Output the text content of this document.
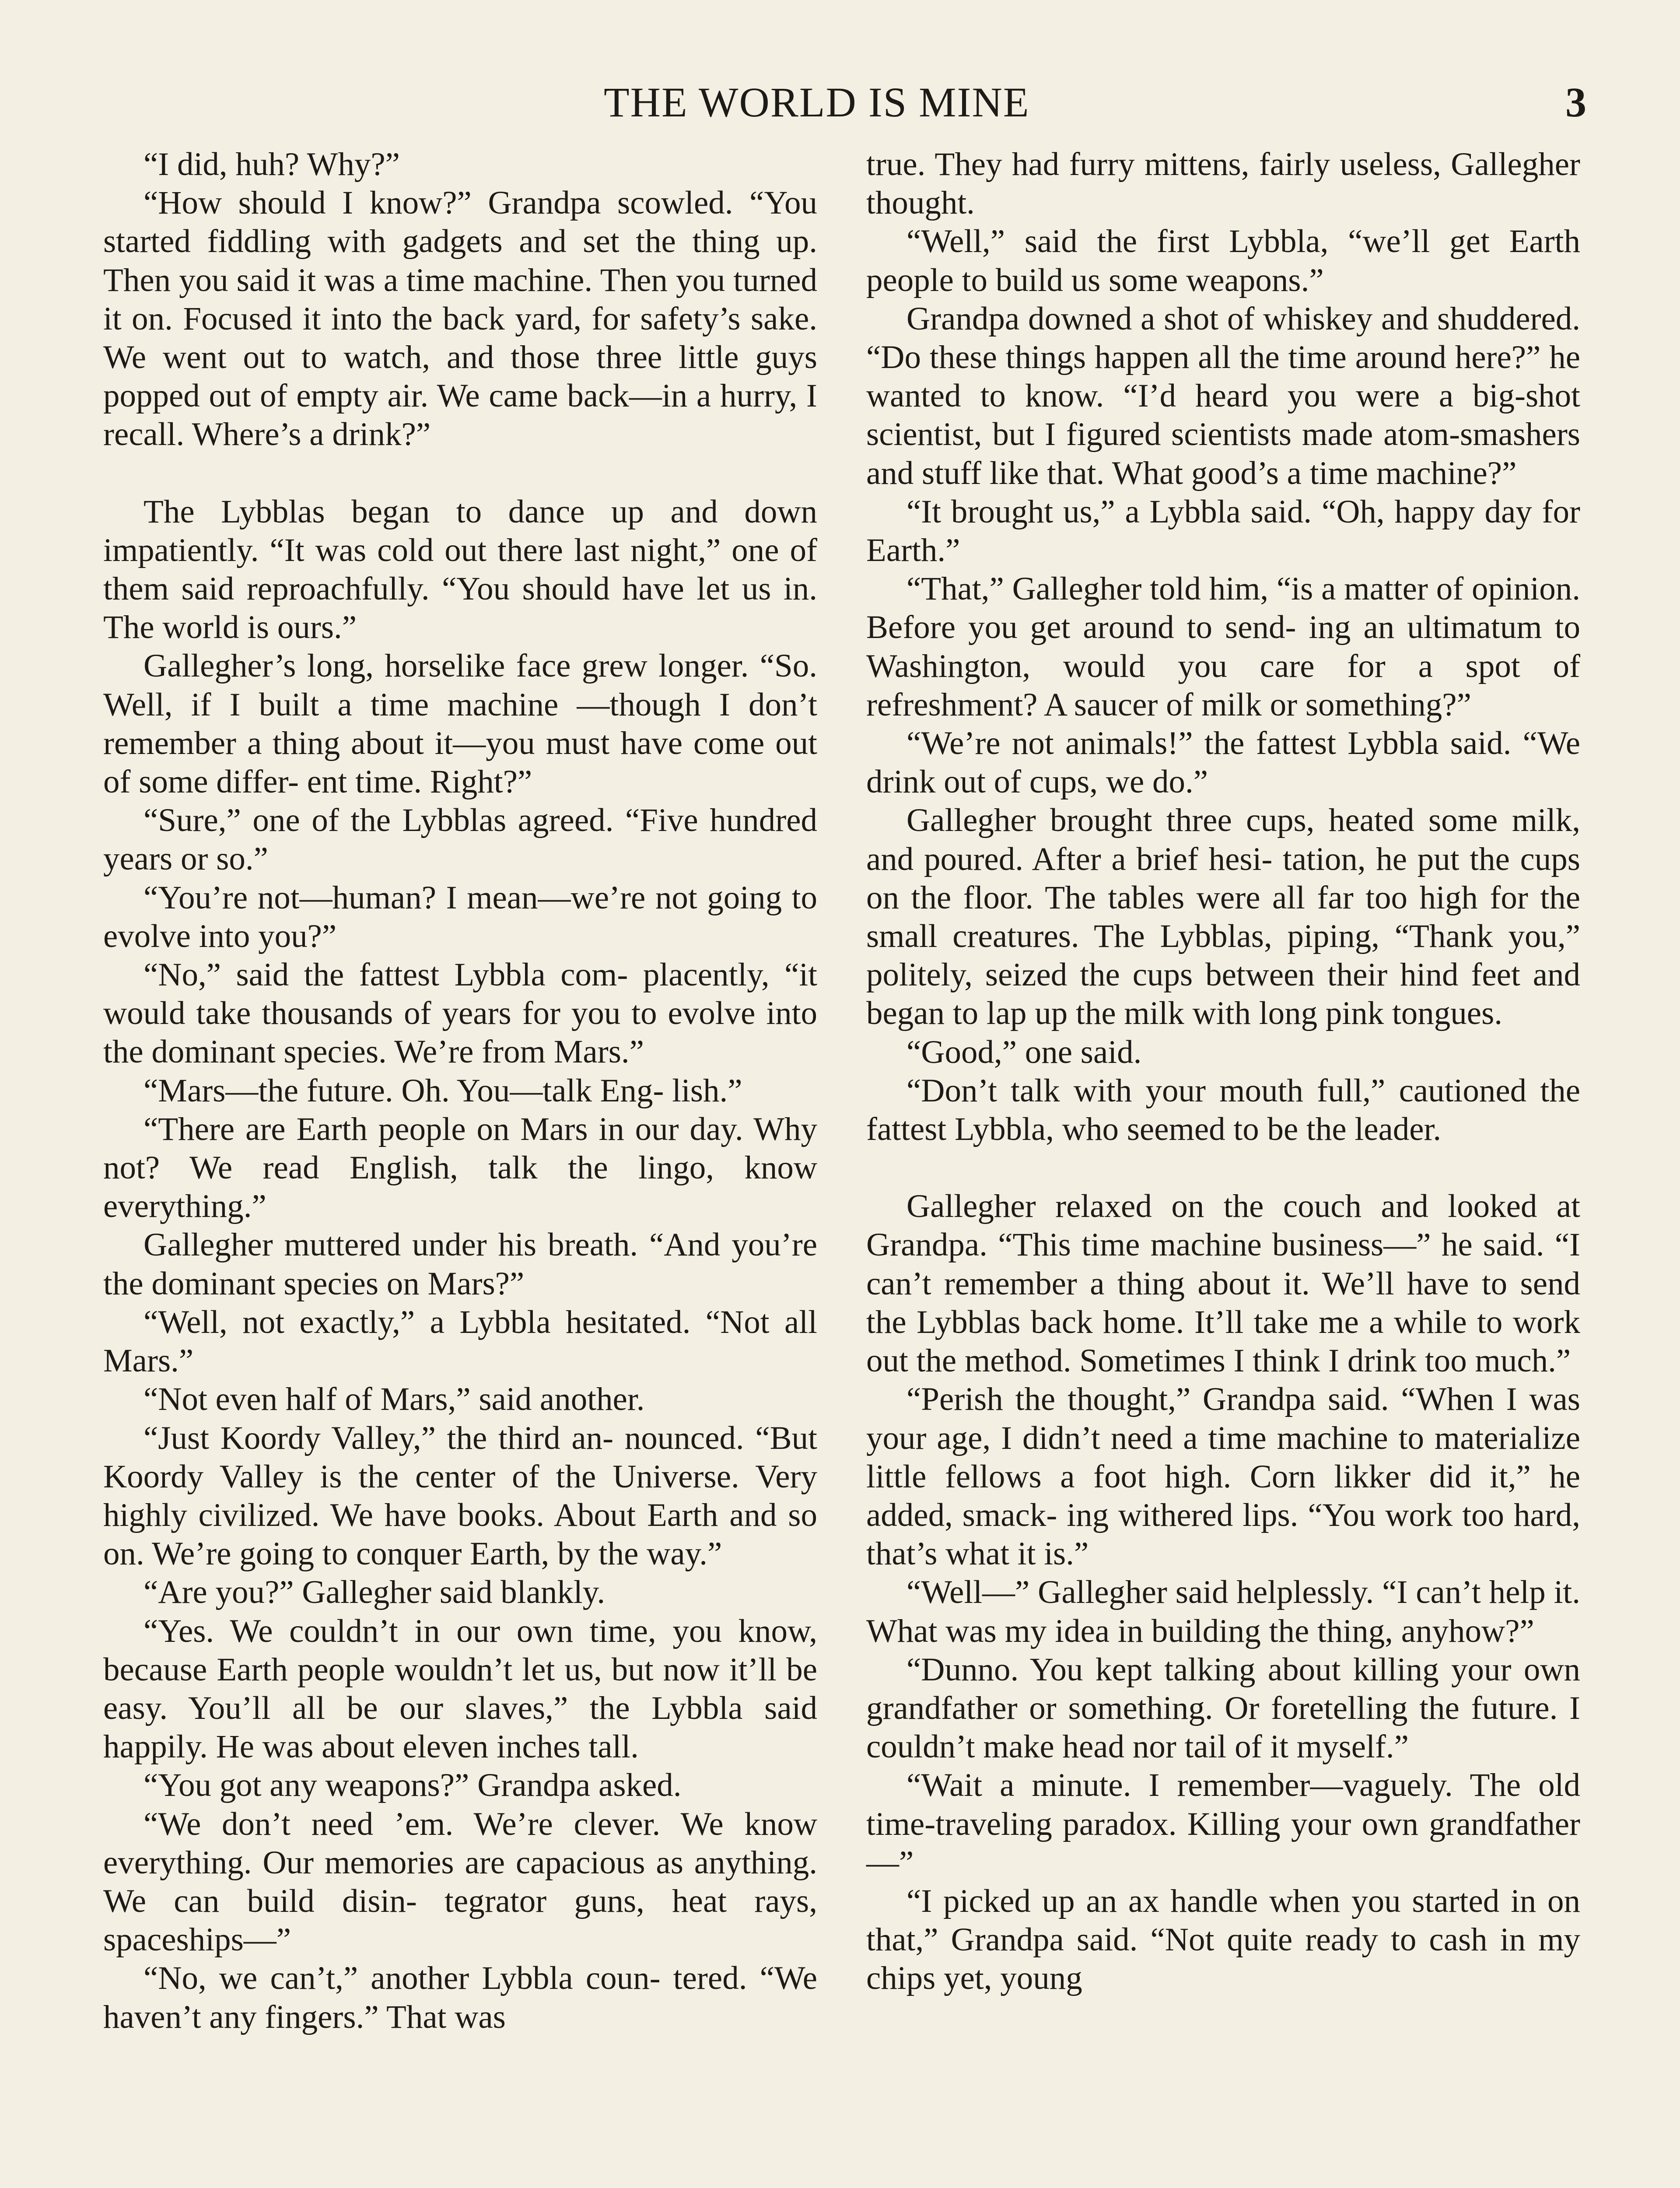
THE WORLD IS MINE	3

“I did, huh? Why?”

“How should I know?” Grandpa scowled. “You started fiddling with gadgets and set the thing up. Then you said it was a time machine. Then you turned it on. Focused it into the back yard, for safety’s sake. We went out to watch, and those three little guys popped out of empty air. We came back—in a hurry, I recall. Where’s a drink?”

The Lybblas began to dance up and down impatiently. “It was cold out there last night,” one of them said reproachfully. “You should have let us in. The world is ours.”

Gallegher’s long, horselike face grew longer. “So. Well, if I built a time machine —though I don’t remember a thing about it—you must have come out of some differ- ent time. Right?”

“Sure,” one of the Lybblas agreed. “Five hundred years or so.”

“You’re not—human? I mean—we’re not going to evolve into you?”

“No,” said the fattest Lybbla com- placently, “it would take thousands of years for you to evolve into the dominant species. We’re from Mars.”

“Mars—the future. Oh. You—talk Eng- lish.”

“There are Earth people on Mars in our day. Why not? We read English, talk the lingo, know everything.”

Gallegher muttered under his breath. “And you’re the dominant species on Mars?”

“Well, not exactly,” a Lybbla hesitated. “Not all Mars.”

“Not even half of Mars,” said another.

“Just Koordy Valley,” the third an- nounced. “But Koordy Valley is the center of the Universe. Very highly civilized. We have books. About Earth and so on. We’re going to conquer Earth, by the way.”

“Are you?” Gallegher said blankly.

“Yes. We couldn’t in our own time, you know, because Earth people wouldn’t let us, but now it’ll be easy. You’ll all be our slaves,” the Lybbla said happily. He was about eleven inches tall.

“You got any weapons?” Grandpa asked.

“We don’t need ’em. We’re clever. We know everything. Our memories are capacious as anything. We can build disin- tegrator guns, heat rays, spaceships—”

“No, we can’t,” another Lybbla coun- tered. “We haven’t any fingers.” That was

true. They had furry mittens, fairly useless, Gallegher thought.

“Well,” said the first Lybbla, “we’ll get Earth people to build us some weapons.”

Grandpa downed a shot of whiskey and shuddered. “Do these things happen all the time around here?” he wanted to know. “I’d heard you were a big-shot scientist, but I figured scientists made atom-smashers and stuff like that. What good’s a time machine?”

“It brought us,” a Lybbla said. “Oh, happy day for Earth.”

“That,” Gallegher told him, “is a matter of opinion. Before you get around to send- ing an ultimatum to Washington, would you care for a spot of refreshment? A saucer of milk or something?”

“We’re not animals!” the fattest Lybbla said. “We drink out of cups, we do.”

Gallegher brought three cups, heated some milk, and poured. After a brief hesi- tation, he put the cups on the floor. The tables were all far too high for the small creatures. The Lybblas, piping, “Thank you,” politely, seized the cups between their hind feet and began to lap up the milk with long pink tongues.

“Good,” one said.

“Don’t talk with your mouth full,” cautioned the fattest Lybbla, who seemed to be the leader.

Gallegher relaxed on the couch and looked at Grandpa. “This time machine business—” he said. “I can’t remember a thing about it. We’ll have to send the Lybblas back home. It’ll take me a while to work out the method. Sometimes I think I drink too much.”

“Perish the thought,” Grandpa said. “When I was your age, I didn’t need a time machine to materialize little fellows a foot high. Corn likker did it,” he added, smack- ing withered lips. “You work too hard, that’s what it is.”

“Well—” Gallegher said helplessly. “I can’t help it. What was my idea in building the thing, anyhow?”

“Dunno. You kept talking about killing your own grandfather or something. Or foretelling the future. I couldn’t make head nor tail of it myself.”

“Wait a minute. I remember—vaguely. The old time-traveling paradox. Killing your own grandfather—”

“I picked up an ax handle when you started in on that,” Grandpa said. “Not quite ready to cash in my chips yet, young
